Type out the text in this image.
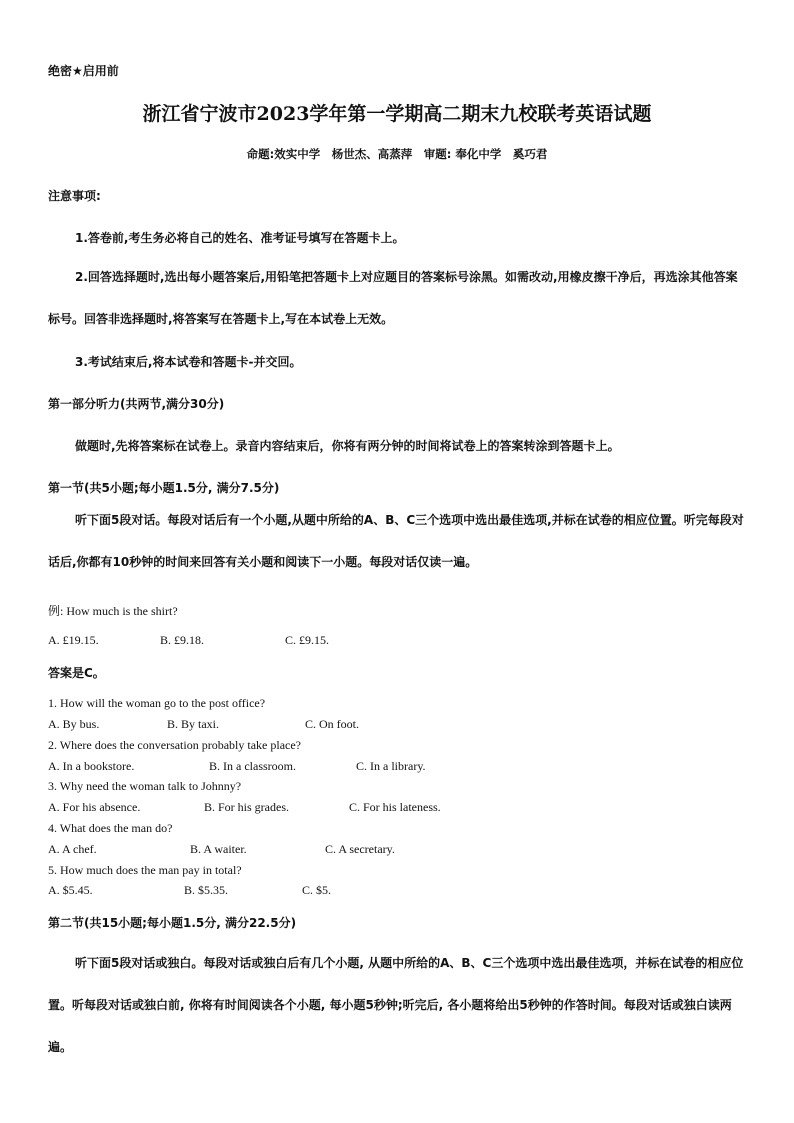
绝密★启用前
浙江省宁波市2023学年第一学期高二期末九校联考英语试题
命题:效实中学　杨世杰、高蒸萍　审题: 奉化中学　奚巧君
注意事项:
1.答卷前,考生务必将自己的姓名、准考证号填写在答题卡上。
2.回答选择题时,选出每小题答案后,用铅笔把答题卡上对应题目的答案标号涂黑。如需改动,用橡皮擦干净后，再选涂其他答案标号。回答非选择题时,将答案写在答题卡上,写在本试卷上无效。
3.考试结束后,将本试卷和答题卡-并交回。
第一部分听力(共两节,满分30分)
做题时,先将答案标在试卷上。录音内容结束后，你将有两分钟的时间将试卷上的答案转涂到答题卡上。
第一节(共5小题;每小题1.5分, 满分7.5分)
听下面5段对话。每段对话后有一个小题,从题中所给的A、B、C三个选项中选出最佳选项,并标在试卷的相应位置。听完每段对话后,你都有10秒钟的时间来回答有关小题和阅读下一小题。每段对话仅读一遍。
例: How much is the shirt?
A. £19.15.	B. £9.18.	C. £9.15.
答案是C。
1. How will the woman go to the post office?
A. By bus.	B. By taxi.	C. On foot.
2. Where does the conversation probably take place?
A. In a bookstore.	B. In a classroom.	C. In a library.
3. Why need the woman talk to Johnny?
A. For his absence.	B. For his grades.	C. For his lateness.
4. What does the man do?
A. A chef.	B. A waiter.	C. A secretary.
5. How much does the man pay in total?
A. $5.45.	B. $5.35.	C. $5.
第二节(共15小题;每小题1.5分, 满分22.5分)
听下面5段对话或独白。每段对话或独白后有几个小题, 从题中所给的A、B、C三个选项中选出最佳选项，并标在试卷的相应位置。听每段对话或独白前, 你将有时间阅读各个小题, 每小题5秒钟;听完后, 各小题将给出5秒钟的作答时间。每段对话或独白读两遍。
